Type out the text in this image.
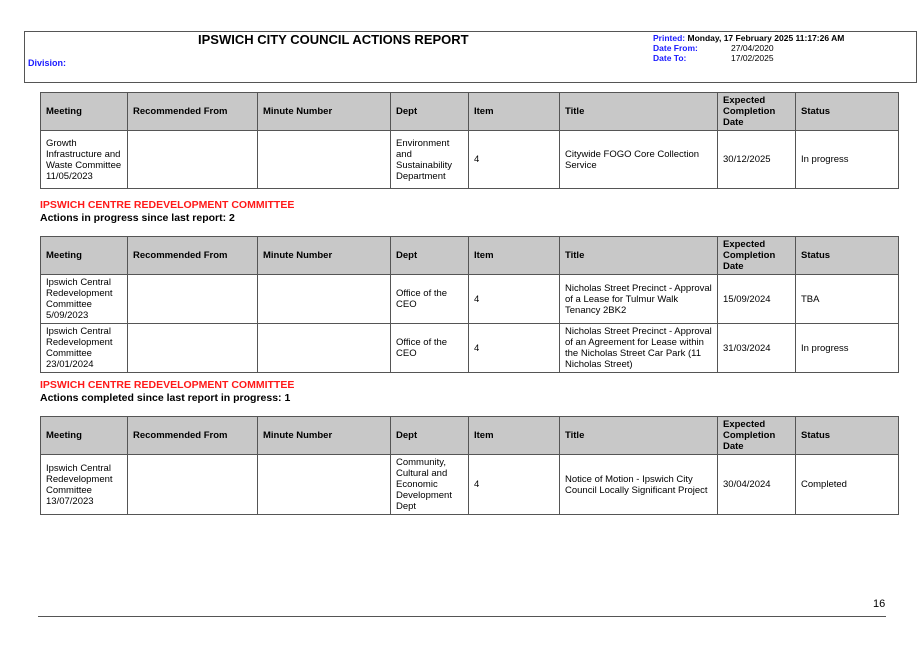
IPSWICH CITY COUNCIL ACTIONS REPORT
Division:
Printed: Monday, 17 February 2025 11:17:26 AM
Date From:	27/04/2020
Date To:	17/02/2025
Meeting	Recommended From	Minute Number	Dept	Item	Title	Expected Completion Date	Status
Growth Infrastructure and Waste Committee 11/05/2023			Environment and Sustainability Department	4	Citywide FOGO Core Collection Service	30/12/2025	In progress
IPSWICH CENTRE REDEVELOPMENT COMMITTEE
Actions in progress since last report: 2
Meeting	Recommended From	Minute Number	Dept	Item	Title	Expected Completion Date	Status
Ipswich Central Redevelopment Committee 5/09/2023			Office of the CEO	4	Nicholas Street Precinct - Approval of a Lease for Tulmur Walk Tenancy 2BK2	15/09/2024	TBA
Ipswich Central Redevelopment Committee 23/01/2024			Office of the CEO	4	Nicholas Street Precinct - Approval of an Agreement for Lease within the Nicholas Street Car Park (11 Nicholas Street)	31/03/2024	In progress
IPSWICH CENTRE REDEVELOPMENT COMMITTEE
Actions completed since last report in progress: 1
Meeting	Recommended From	Minute Number	Dept	Item	Title	Expected Completion Date	Status
Ipswich Central Redevelopment Committee 13/07/2023			Community, Cultural and Economic Development Dept	4	Notice of Motion - Ipswich City Council Locally Significant Project	30/04/2024	Completed
16
